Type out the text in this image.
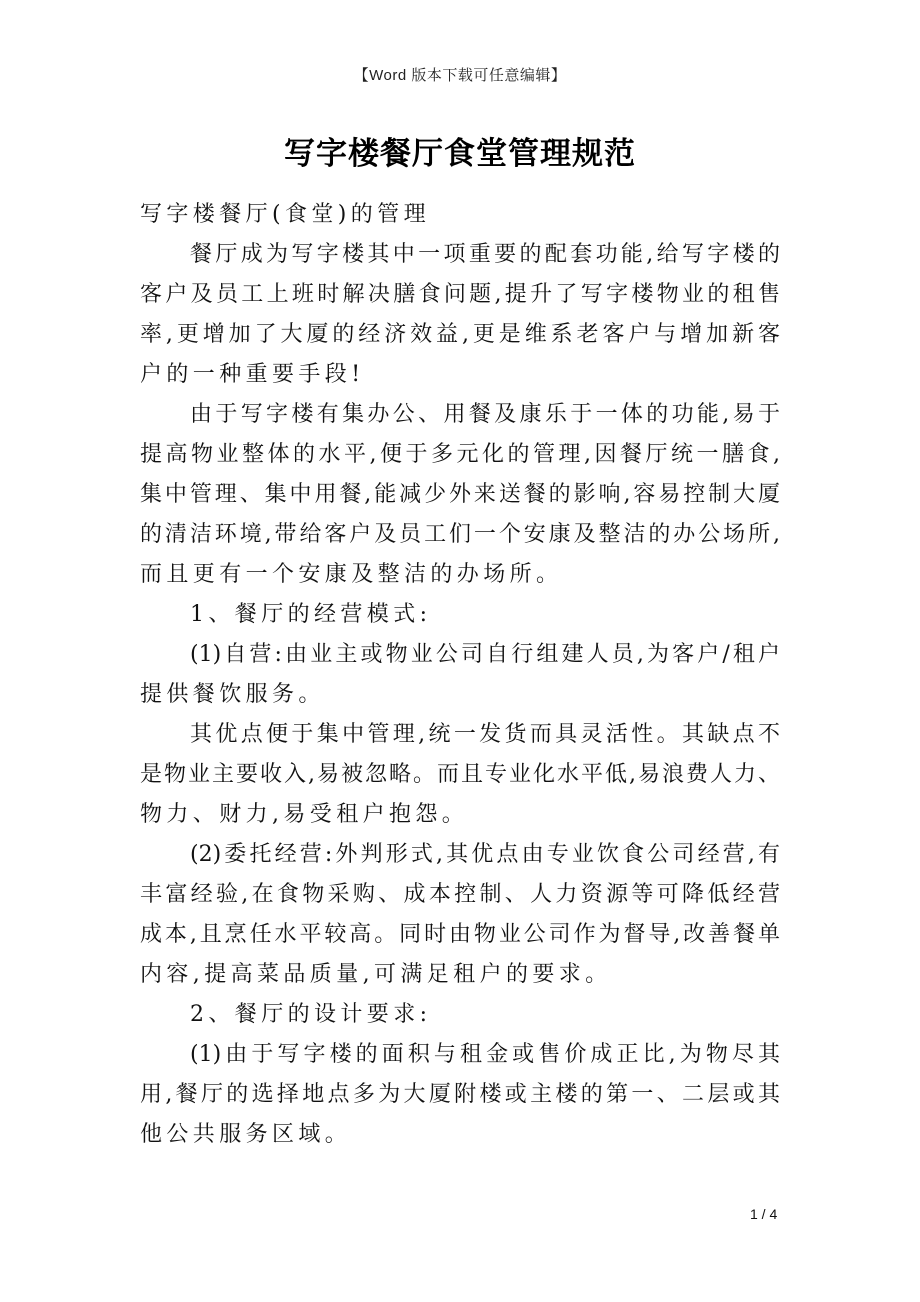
【Word 版本下载可任意编辑】
写字楼餐厅食堂管理规范
写字楼餐厅(食堂)的管理
餐厅成为写字楼其中一项重要的配套功能,给写字楼的
客户及员工上班时解决膳食问题,提升了写字楼物业的租售
率,更增加了大厦的经济效益,更是维系老客户与增加新客
户的一种重要手段!
由于写字楼有集办公、用餐及康乐于一体的功能,易于
提高物业整体的水平,便于多元化的管理,因餐厅统一膳食,
集中管理、集中用餐,能减少外来送餐的影响,容易控制大厦
的清洁环境,带给客户及员工们一个安康及整洁的办公场所,
而且更有一个安康及整洁的办场所。
1、餐厅的经营模式:
(1)自营:由业主或物业公司自行组建人员,为客户/租户
提供餐饮服务。
其优点便于集中管理,统一发货而具灵活性。其缺点不
是物业主要收入,易被忽略。而且专业化水平低,易浪费人力、
物力、财力,易受租户抱怨。
(2)委托经营:外判形式,其优点由专业饮食公司经营,有
丰富经验,在食物采购、成本控制、人力资源等可降低经营
成本,且烹任水平较高。同时由物业公司作为督导,改善餐单
内容,提高菜品质量,可满足租户的要求。
2、餐厅的设计要求:
(1)由于写字楼的面积与租金或售价成正比,为物尽其
用,餐厅的选择地点多为大厦附楼或主楼的第一、二层或其
他公共服务区域。
1 / 4
